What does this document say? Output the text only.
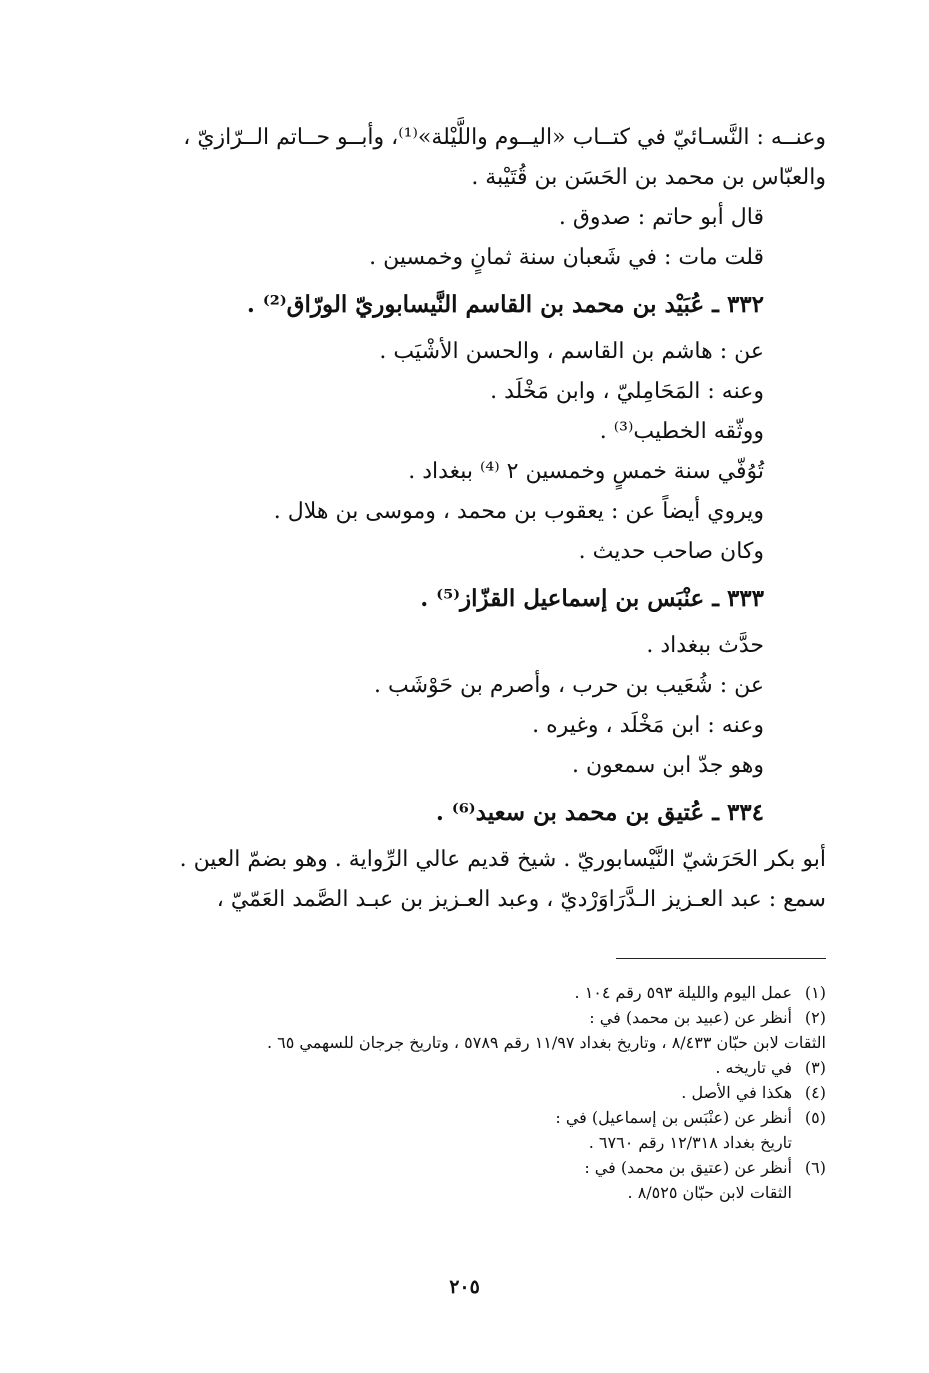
وعنــه : النَّسـائيّ في كتــاب «اليــوم واللَّيْلة»⁽¹⁾، وأبــو حــاتم الــرّازيّ ،
والعبّاس بن محمد بن الحَسَن بن قُتَيْبة .
قال أبو حاتم : صدوق .
قلت مات : في شَعبان سنة ثمانٍ وخمسين .
٣٣٢ ـ عُبَيْد بن محمد بن القاسم النَّيسابوريّ الورّاق⁽²⁾ .
عن : هاشم بن القاسم ، والحسن الأشْيَب .
وعنه : المَحَامِليّ ، وابن مَخْلَد .
ووثّقه الخطيب⁽³⁾ .
تُوُفّي سنة خمسٍ وخمسين ٢ ⁽⁴⁾ ببغداد .
ويروي أيضاً عن : يعقوب بن محمد ، وموسى بن هلال .
وكان صاحب حديث .
٣٣٣ ـ عنْبَس بن إسماعيل القزّاز⁽⁵⁾ .
حدَّث ببغداد .
عن : شُعَيب بن حرب ، وأصرم بن حَوْشَب .
وعنه : ابن مَخْلَد ، وغيره .
وهو جدّ ابن سمعون .
٣٣٤ ـ عُتيق بن محمد بن سعيد⁽⁶⁾ .
أبو بكر الحَرَشيّ النَّيْسابوريّ . شيخ قديم عالي الرِّواية . وهو بضمّ العين .
سمع : عبد العـزيز الـدَّرَاوَرْديّ ، وعبد العـزيز بن عبـد الصَّمد العَمّيّ ،
(١)
عمل اليوم والليلة ٥٩٣ رقم ١٠٤ .
(٢)
أنظر عن (عبيد بن محمد) في :
الثقات لابن حبّان ٨/٤٣٣ ، وتاريخ بغداد ١١/٩٧ رقم ٥٧٨٩ ، وتاريخ جرجان للسهمي ٦٥ .
(٣)
في تاريخه .
(٤)
هكذا في الأصل .
(٥)
أنظر عن (عنْبَس بن إسماعيل) في :
تاريخ بغداد ١٢/٣١٨ رقم ٦٧٦٠ .
(٦)
أنظر عن (عتيق بن محمد) في :
الثقات لابن حبّان ٨/٥٢٥ .
٢٠٥
